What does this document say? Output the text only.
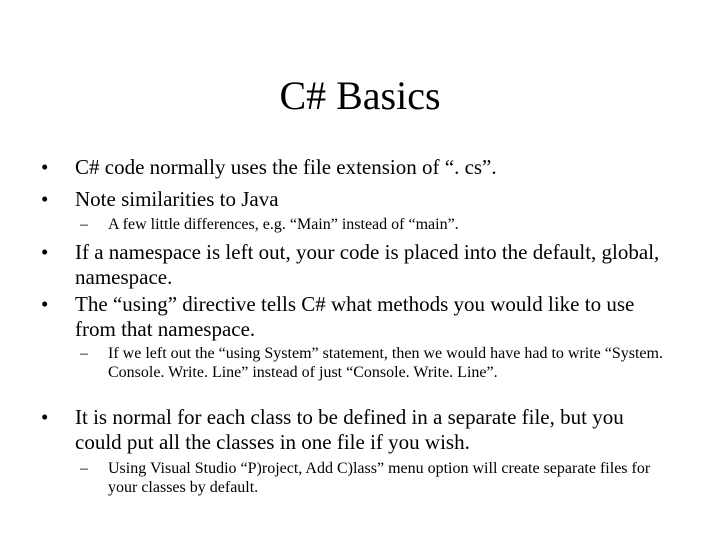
C# Basics
•	C# code normally uses the file extension of “. cs”.
•	Note similarities to Java
–	A few little differences, e.g. “Main” instead of “main”.
•	If a namespace is left out, your code is placed into the default, global, namespace.
•	The “using” directive tells C# what methods you would like to use from that namespace.
–	If we left out the “using System” statement, then we would have had to write “System. Console. Write. Line” instead of just “Console. Write. Line”.
•	It is normal for each class to be defined in a separate file, but you could put all the classes in one file if you wish.
–	Using Visual Studio “P)roject, Add C)lass” menu option will create separate files for your classes by default.
